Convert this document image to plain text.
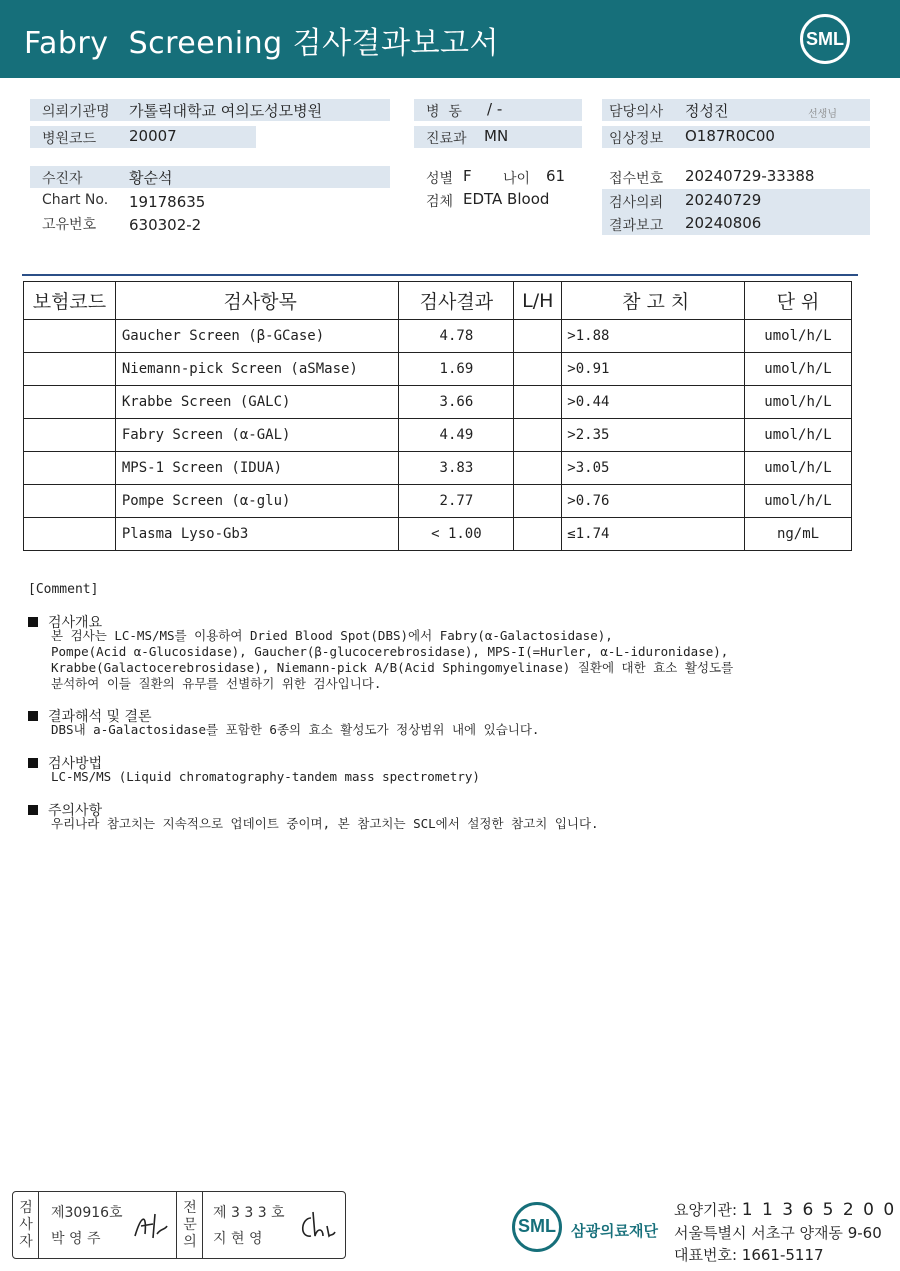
Fabry  Screening 검사결과보고서	SML
의뢰기관명 가톨릭대학교 여의도성모병원
병원코드 20007
수진자	황순석
Chart No. 19178635
고유번호 630302-2
병  동 / -
진료과 MN
성별 F 나이 61
검체 EDTA Blood
담당의사 정성진	선생님
임상정보 O187R0C00
접수번호 20240729-33388
검사의뢰 20240729
결과보고 20240806
보험코드	검사항목	검사결과	L/H	참 고 치	단 위
	Gaucher Screen (β-GCase)	4.78		>1.88	umol/h/L
	Niemann-pick Screen (aSMase)	1.69		>0.91	umol/h/L
	Krabbe Screen (GALC)	3.66		>0.44	umol/h/L
	Fabry Screen (α-GAL)	4.49		>2.35	umol/h/L
	MPS-1 Screen (IDUA)	3.83		>3.05	umol/h/L
	Pompe Screen (α-glu)	2.77		>0.76	umol/h/L
	Plasma Lyso-Gb3	< 1.00		≤1.74	ng/mL
[Comment]
검사개요
본 검사는 LC-MS/MS를 이용하여 Dried Blood Spot(DBS)에서 Fabry(α-Galactosidase),
Pompe(Acid α-Glucosidase), Gaucher(β-glucocerebrosidase), MPS-I(=Hurler, α-L-iduronidase),
Krabbe(Galactocerebrosidase), Niemann-pick A/B(Acid Sphingomyelinase) 질환에 대한 효소 활성도를
분석하여 이들 질환의 유무를 선별하기 위한 검사입니다.
결과해석 및 결론
DBS내 a-Galactosidase를 포함한 6종의 효소 활성도가 정상범위 내에 있습니다.
검사방법
LC-MS/MS (Liquid chromatography-tandem mass spectrometry)
주의사항
우리나라 참고치는 지속적으로 업데이트 중이며, 본 참고치는 SCL에서 설정한 참고치 입니다.
검
사
자
제30916호
박 영 주
전
문
의
제 3 3 3 호
지 현 영
SML 삼광의료재단
요양기관: 1 1 3 6 5 2 0 0
서울특별시 서초구 양재동 9-60
대표번호: 1661-5117
